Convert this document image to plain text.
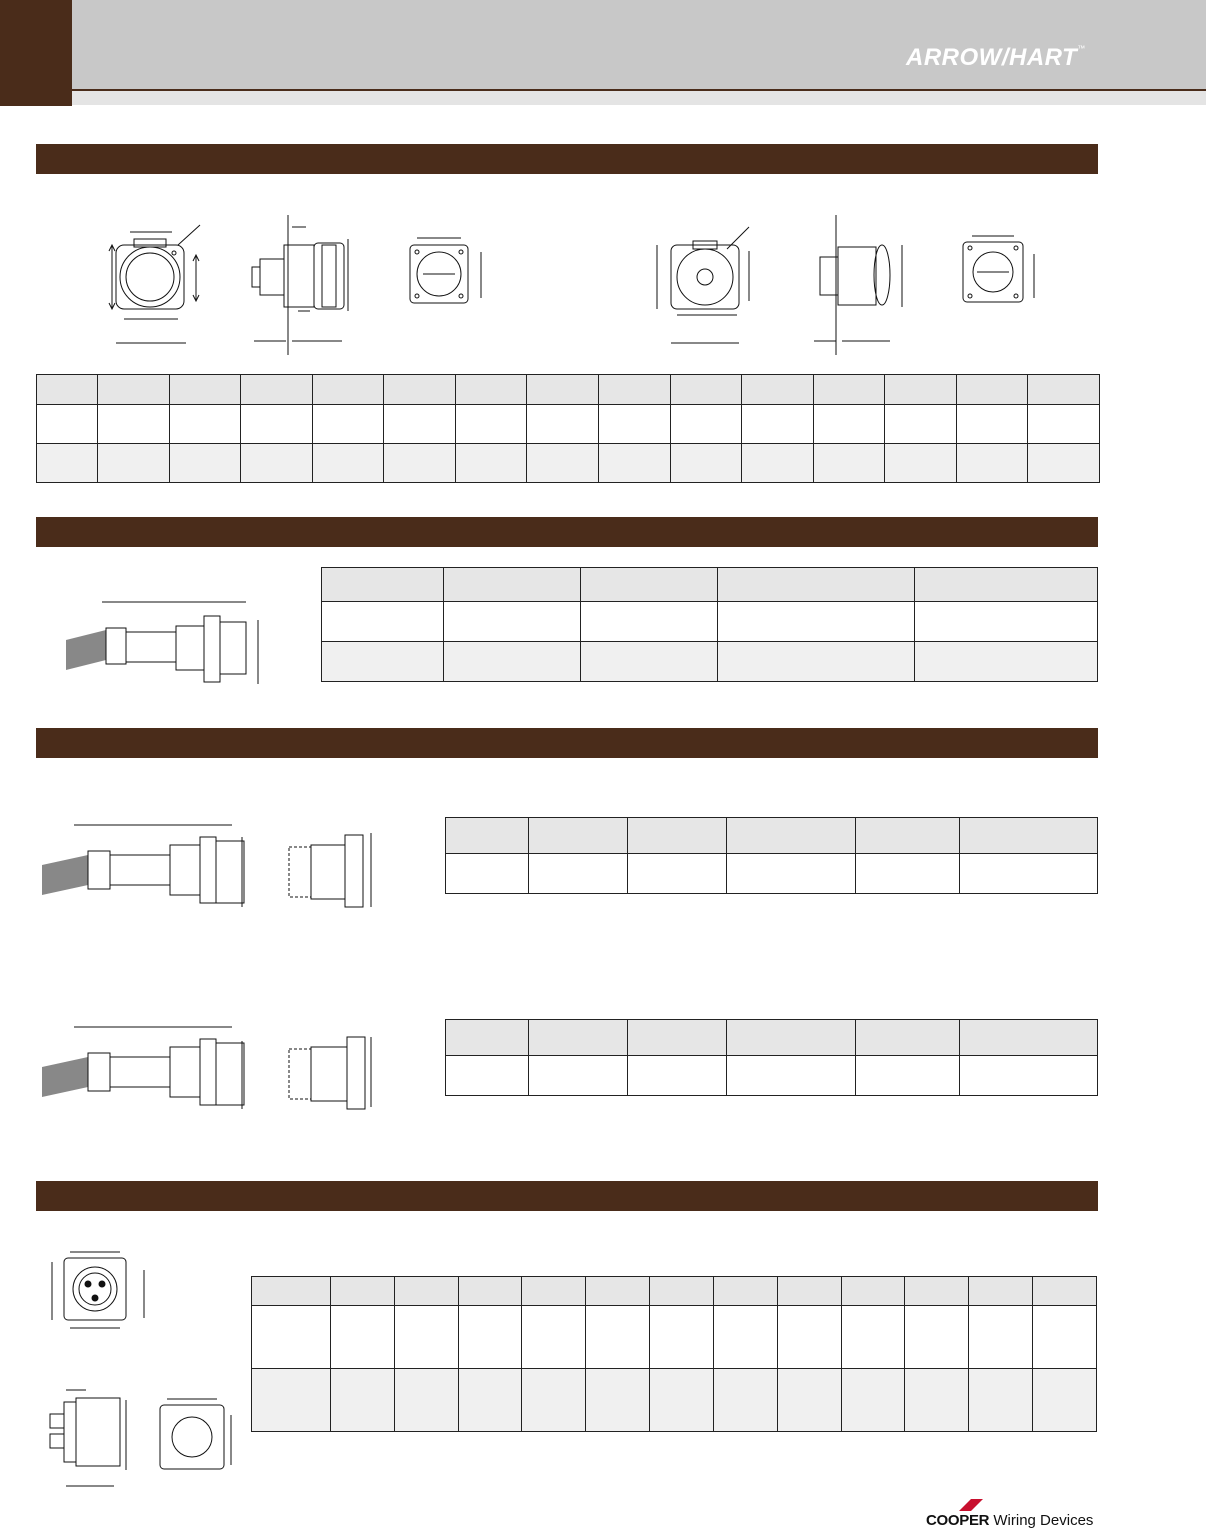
ARROW/HART™

COOPER Wiring Devices
